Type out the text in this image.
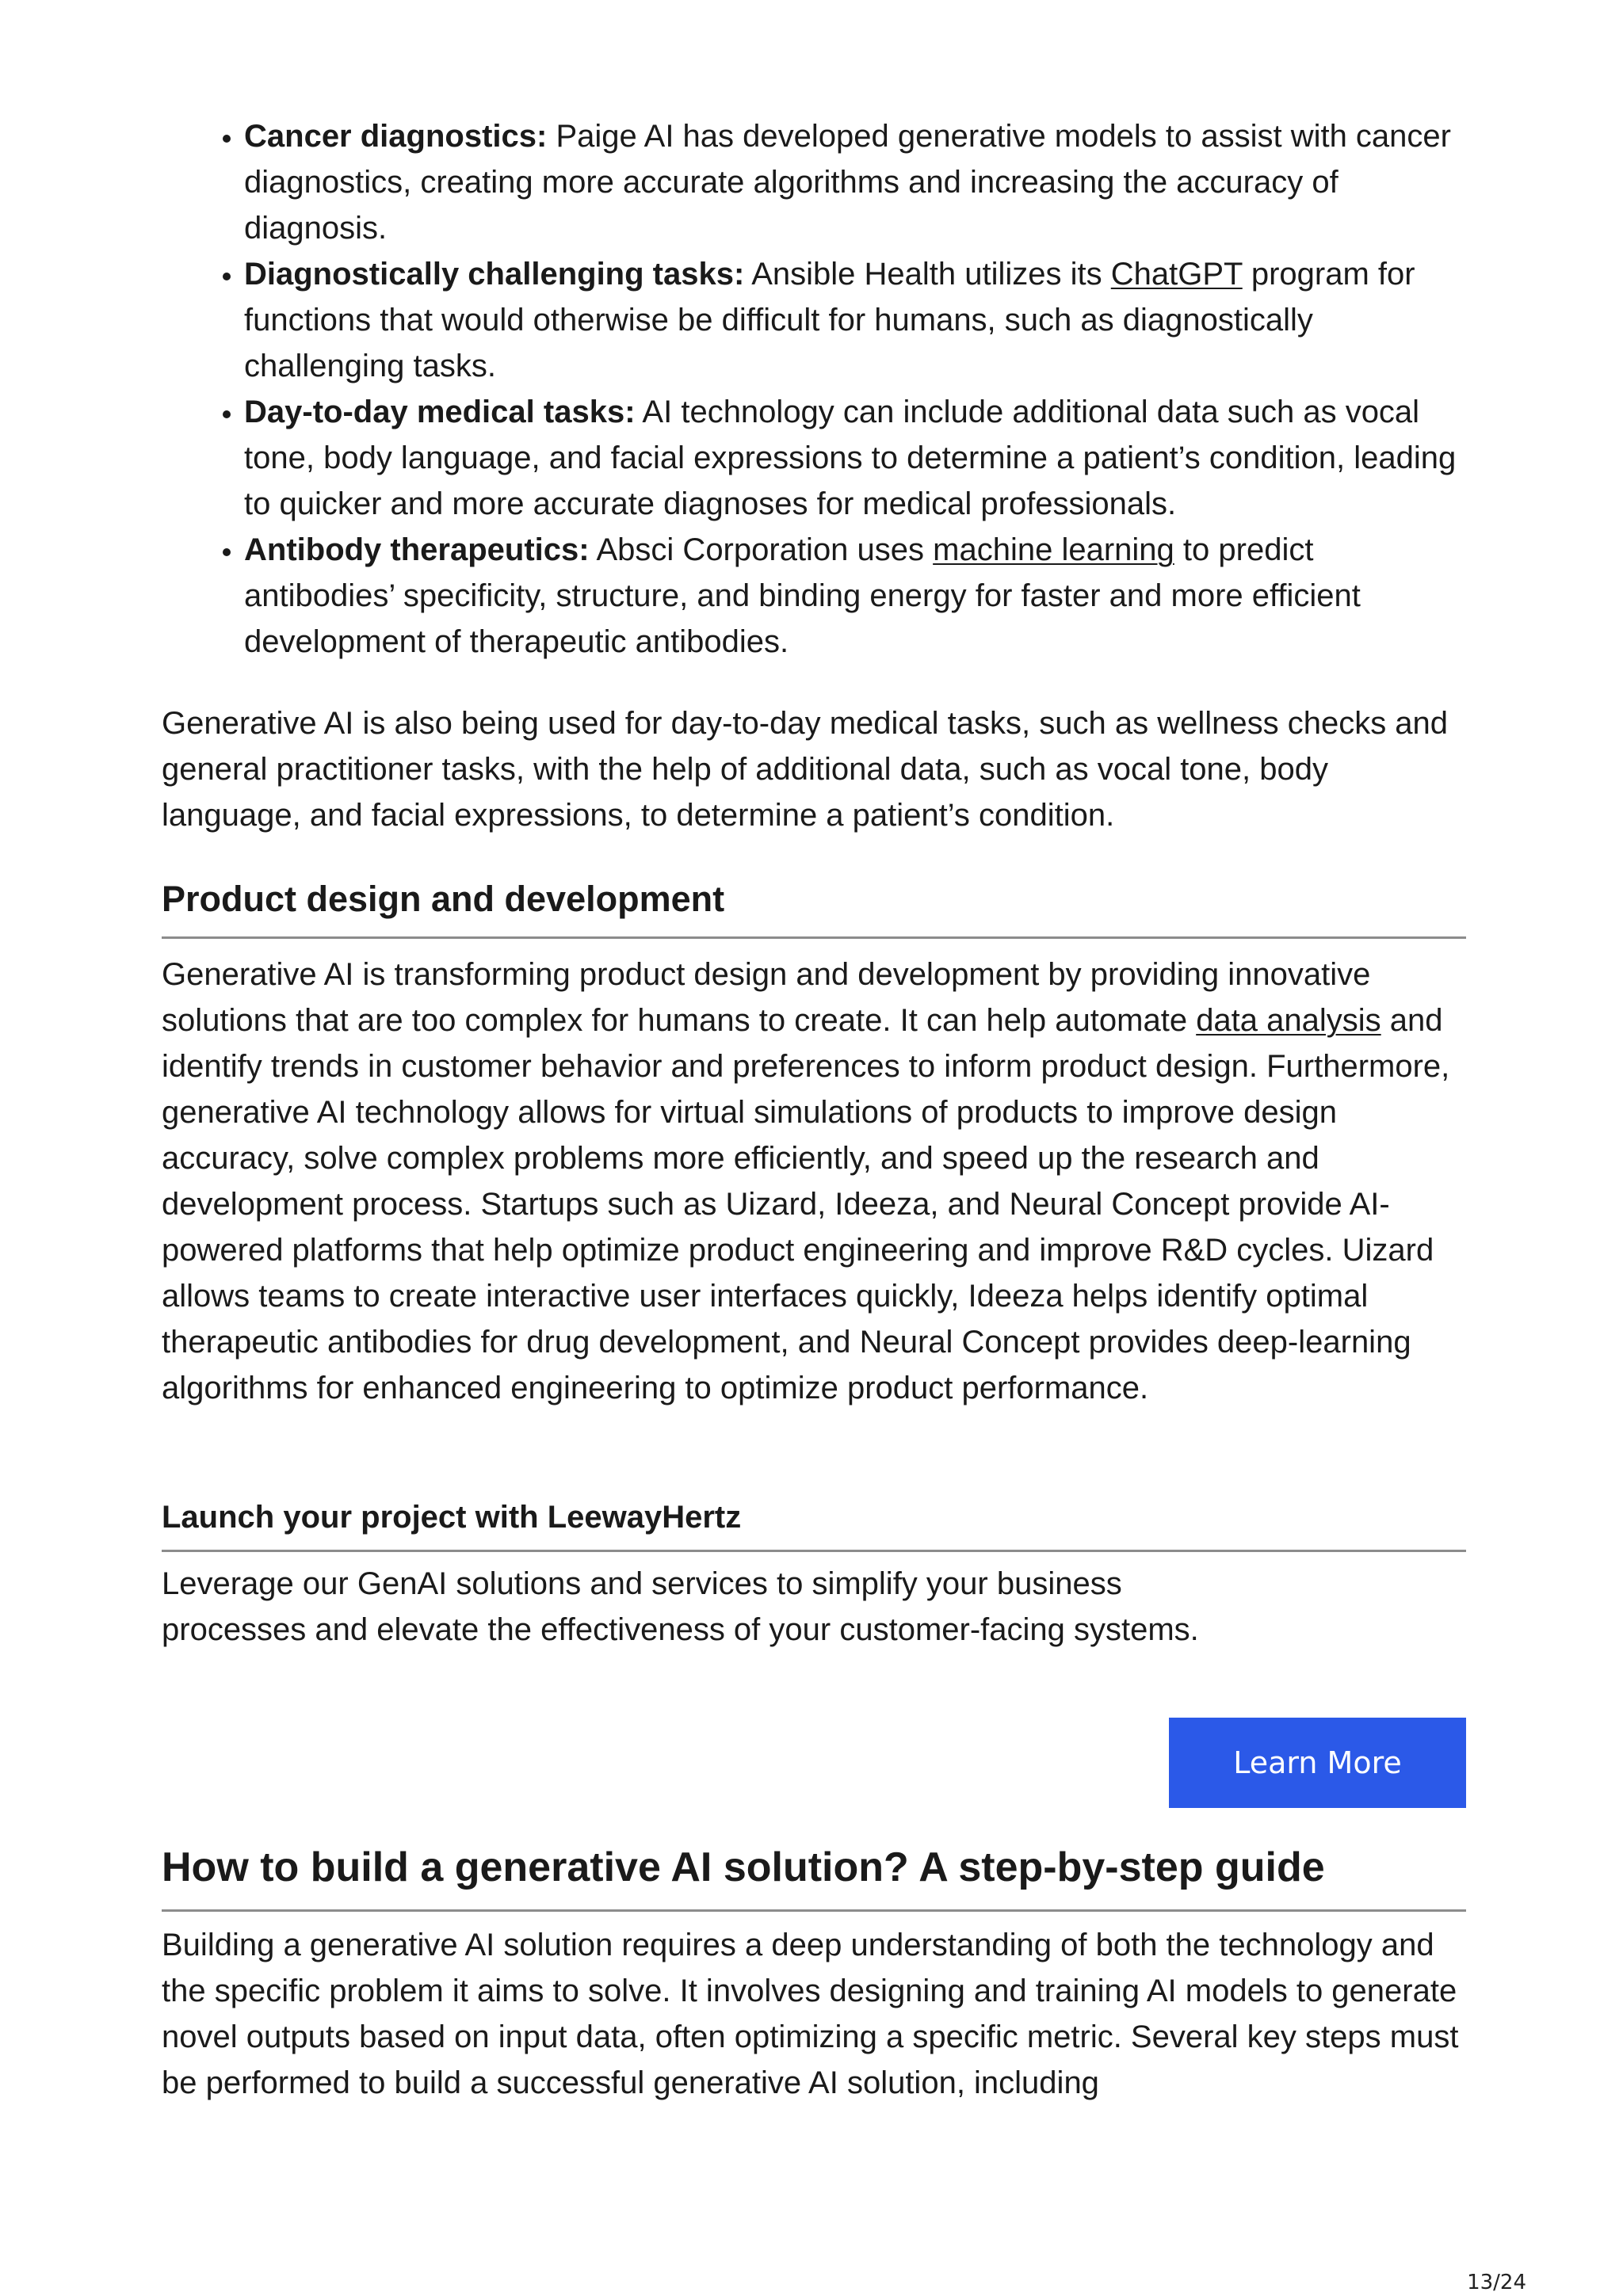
• Cancer diagnostics: Paige AI has developed generative models to assist with cancer diagnostics, creating more accurate algorithms and increasing the accuracy of diagnosis.
• Diagnostically challenging tasks: Ansible Health utilizes its ChatGPT program for functions that would otherwise be difficult for humans, such as diagnostically challenging tasks.
• Day-to-day medical tasks: AI technology can include additional data such as vocal tone, body language, and facial expressions to determine a patient’s condition, leading to quicker and more accurate diagnoses for medical professionals.
• Antibody therapeutics: Absci Corporation uses machine learning to predict antibodies’ specificity, structure, and binding energy for faster and more efficient development of therapeutic antibodies.

Generative AI is also being used for day-to-day medical tasks, such as wellness checks and general practitioner tasks, with the help of additional data, such as vocal tone, body language, and facial expressions, to determine a patient’s condition.

Product design and development

Generative AI is transforming product design and development by providing innovative solutions that are too complex for humans to create. It can help automate data analysis and identify trends in customer behavior and preferences to inform product design. Furthermore, generative AI technology allows for virtual simulations of products to improve design accuracy, solve complex problems more efficiently, and speed up the research and development process. Startups such as Uizard, Ideeza, and Neural Concept provide AI-powered platforms that help optimize product engineering and improve R&D cycles. Uizard allows teams to create interactive user interfaces quickly, Ideeza helps identify optimal therapeutic antibodies for drug development, and Neural Concept provides deep-learning algorithms for enhanced engineering to optimize product performance.

Launch your project with LeewayHertz

Leverage our GenAI solutions and services to simplify your business
processes and elevate the effectiveness of your customer-facing systems.

Learn More
How to build a generative AI solution? A step-by-step guide

Building a generative AI solution requires a deep understanding of both the technology and the specific problem it aims to solve. It involves designing and training AI models to generate novel outputs based on input data, often optimizing a specific metric. Several key steps must be performed to build a successful generative AI solution, including

13/24
